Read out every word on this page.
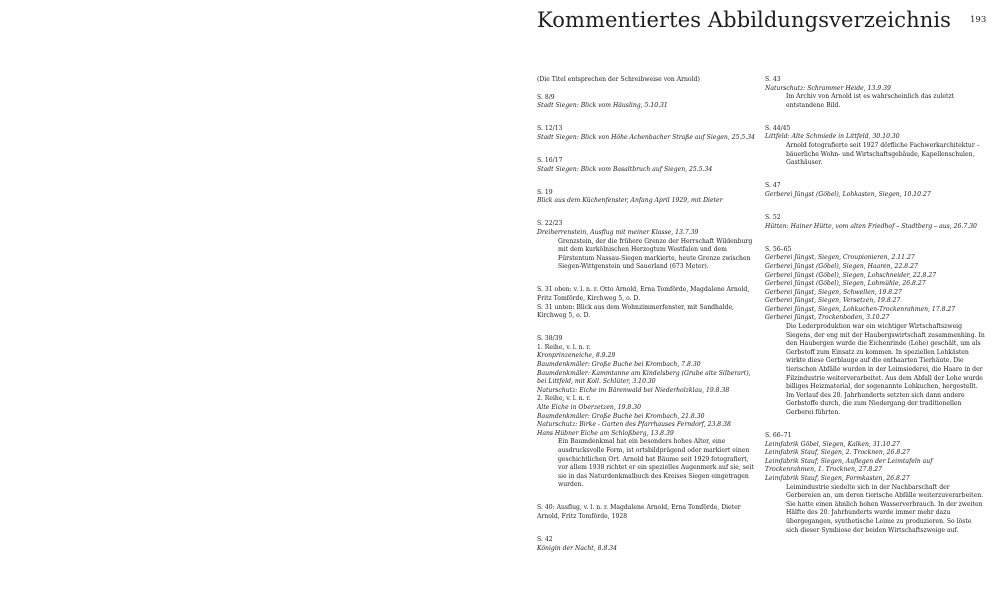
Kommentiertes Abbildungsverzeichnis 193
(Die Titel entsprechen der Schreibweise von Arnold)
S. 8/9
Stadt Siegen: Blick vom Häusling, 5.10.31
S. 12/13
Stadt Siegen: Blick von Höhe Achenbacher Straße auf Siegen, 25.5.34
S. 16/17
Stadt Siegen: Blick vom Basaltbruch auf Siegen, 25.5.34
S. 19
Blick aus dem Küchenfenster, Anfang April 1929, mit Dieter
S. 22/23
Dreiherrenstein, Ausflug mit meiner Klasse, 13.7.39
Grenzstein, der die frühere Grenze der Herrschaft Wildenburg mit dem kurkölnischen Herzogtum Westfalen und dem Fürstentum Nassau-Siegen markierte, heute Grenze zwischen Siegen-Wittgenstein und Sauerland (673 Meter).
S. 31 oben: v. l. n. r. Otto Arnold, Erna Tomförde, Magdalene Arnold, Fritz Tomförde, Kirchweg 5, o. D.
S. 31 unten: Blick aus dem Wohnzimmerfenster, mit Sandhalde, Kirchweg 5, o. D.
S. 38/39
1. Reihe, v. l. n. r.
Kronprinzeneiche, 8.9.29
Baumdenkmäler: Große Buche bei Krombach, 7.8.30
Baumdenkmäler: Kammtanne am Kindelsberg (Grube alte Silberart), bei Littfeld, mit Koll. Schlüter, 3.10.30
Naturschutz: Eiche im Bärenwald bei Niederholzklau, 19.8.38
2. Reihe, v. l. n. r.
Alte Eiche in Oberzetzen, 19.8.30
Baumdenkmäler: Große Buche bei Krombach, 21.8.30
Naturschutz: Birke - Garten des Pfarrhauses Ferndorf, 23.8.38
Hans Hübner Eiche am Schloßberg, 13.8.39
Ein Baumdenkmal hat ein besonders hohes Alter, eine ausdrucksvolle Form, ist ortsbildprägend oder markiert einen geschichtlichen Ort. Arnold hat Bäume seit 1929 fotografiert, vor allem 1938 richtet er ein spezielles Augenmerk auf sie, seit sie in das Naturdenkmalbuch des Kreises Siegen eingetragen wurden.
S. 40: Ausflug, v. l. n. r. Magdalene Arnold, Erna Tomförde, Dieter Arnold, Fritz Tomförde, 1928
S. 42
Königin der Nacht, 8.8.34
S. 43
Naturschutz: Schrammer Heide, 13.9.39
Im Archiv von Arnold ist es wahrscheinlich das zuletzt entstandene Bild.
S. 44/45
Littfeld: Alte Schmiede in Littfeld, 30.10.30
Arnold fotografierte seit 1927 dörfliche Fachwerkarchitektur – bäuerliche Wohn- und Wirtschaftsgebäude, Kapellenschulen, Gasthäuser.
S. 47
Gerberei Jüngst (Göbel), Lohkasten, Siegen, 10.10.27
S. 52
Hütten: Hainer Hütte, vom alten Friedhof – Stadtberg – aus, 26.7.30
S. 56–65
Gerberei Jüngst, Siegen, Croupionieren, 2.11.27
Gerberei Jüngst (Göbel), Siegen, Haaren, 22.8.27
Gerberei Jüngst (Göbel), Siegen, Lohschneider, 22.8.27
Gerberei Jüngst (Göbel), Siegen, Lohmühle, 26.8.27
Gerberei Jüngst, Siegen, Schwellen, 19.8.27
Gerberei Jüngst, Siegen, Versetzen, 19.8.27
Gerberei Jüngst, Siegen, Lohkuchen-Trockenrahmen, 17.8.27
Gerberei Jüngst, Trockenboden, 3.10.27
Die Lederproduktion war ein wichtiger Wirtschaftszweig Siegens, der eng mit der Haubergswirtschaft zusammenhing. In den Haubergen wurde die Eichenrinde (Lohe) geschält, um als Gerbstoff zum Einsatz zu kommen. In speziellen Lohkästen wirkte diese Gerblauge auf die enthaarten Tierhäute. Die tierischen Abfälle wurden in der Leimsiederei, die Haare in der Filzindustrie weiterverarbeitet. Aus dem Abfall der Lohe wurde billiges Heizmaterial, der sogenannte Lohkuchen, hergestellt. Im Verlauf des 20. Jahrhunderts setzten sich dann andere Gerbstoffe durch, die zum Niedergang der traditionellen Gerberei führten.
S. 66–71
Leimfabrik Göbel, Siegen, Kalken, 31.10.27
Leimfabrik Stauf, Siegen, 2. Trocknen, 26.8.27
Leimfabrik Stauf, Siegen, Auflegen der Leimtafeln auf Trockenrahmen, 1. Trocknen, 27.8.27
Leimfabrik Stauf, Siegen, Formkasten, 26.8.27
Leimindustrie siedelte sich in der Nachbarschaft der Gerbereien an, um deren tierische Abfälle weiterzuverarbeiten. Sie hatte einen ähnlich hohen Wasserverbrauch. In der zweiten Hälfte des 20. Jahrhunderts wurde immer mehr dazu übergegangen, synthetische Leime zu produzieren. So löste sich dieser Symbiose der beiden Wirtschaftszweige auf.
